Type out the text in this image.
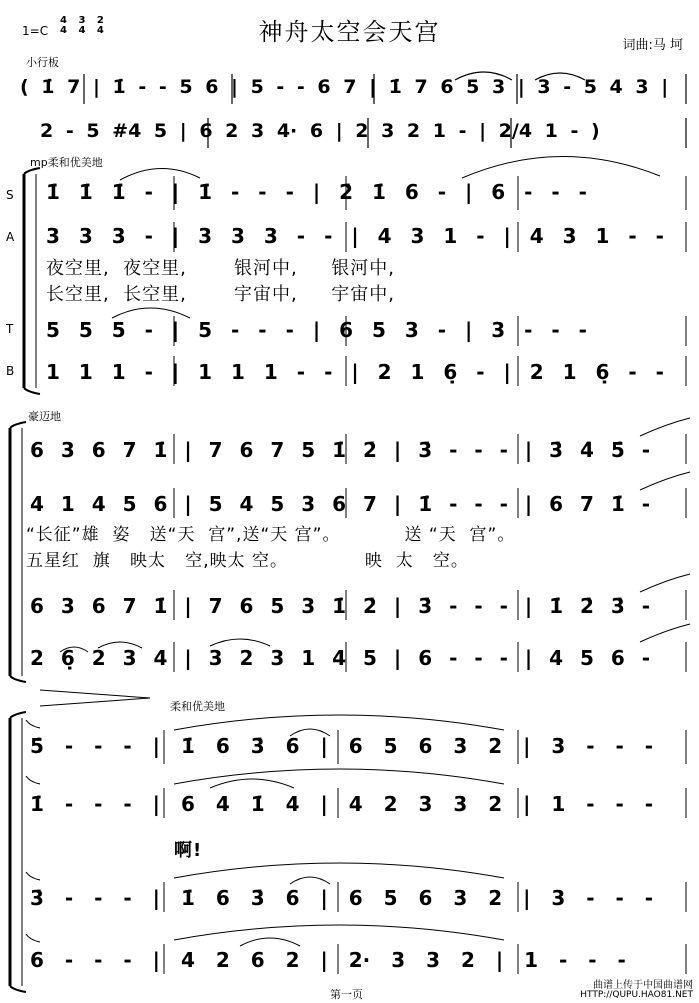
1=C
4
4 3
4 2
4	神舟太空会天宫	词曲:马 坷
小行板
( 1̇ 7 | 1̇ - - 5 6 | 5 - - 6 7 | 1̇ 7 6 5 3 | 3 - 5 4 3 |
2 - 5 #4 5 | 6 2 3 4· 6 | 2 3 2 1 - | 2/4 1 - )
mp柔和优美地
S
A
T
B
1̇ 1̇ 1̇ - | 1̇ - - - | 2̇ 1̇ 6 - | 6 - - -
3 3 3 - | 3 3 3 - - | 4 3 1 - | 4 3 1 - -
夜空里,  夜空里,       银河中,     银河中,
长空里,  长空里,       宇宙中,     宇宙中,
5 5 5 - | 5 - - - | 6 5 3 - | 3 - - -
1 1 1 - | 1 1 1 - - | 2 1 6̣ - | 2 1 6̣ - -
豪迈地
6 3 6 7 1̇ | 7 6 7 5 1̇ 2̇ | 3̇ - - - | 3̇ 4̇ 5̇ -
4 1 4 5 6 | 5 4 5 3 6 7 | 1̇ - - - | 6 7 1̇ -
“长征”雄  姿   送“天  宫”,送“天 宫”。          送 “天  宫”。
五星红  旗   映太   空,映太 空。            映  太   空。
6 3 6 7 1̇ | 7 6 5 3 1̇ 2̇ | 3̇ - - - | 1̇ 2̇ 3̇ -
2 6̣ 2 3 4 | 3 2 3 1 4 5 | 6 - - - | 4 5 6 -
柔和优美地
5̇ - - - | 1̇ 6 3̇ 6 | 6 5 6 3 2 | 3 - - -
1̇ - - - | 6 4 1̇ 4 | 4 2 3 3 2 | 1 - - -
啊!
3̇ - - - | 1̇ 6 3̇ 6 | 6 5 6 3 2 | 3 - - -
6 - - - | 4 2 6 2 | 2· 3 3 2 | 1 - - -
第一页
曲谱上传于中国曲谱网
HTTP://QUPU.HAO81.NET
